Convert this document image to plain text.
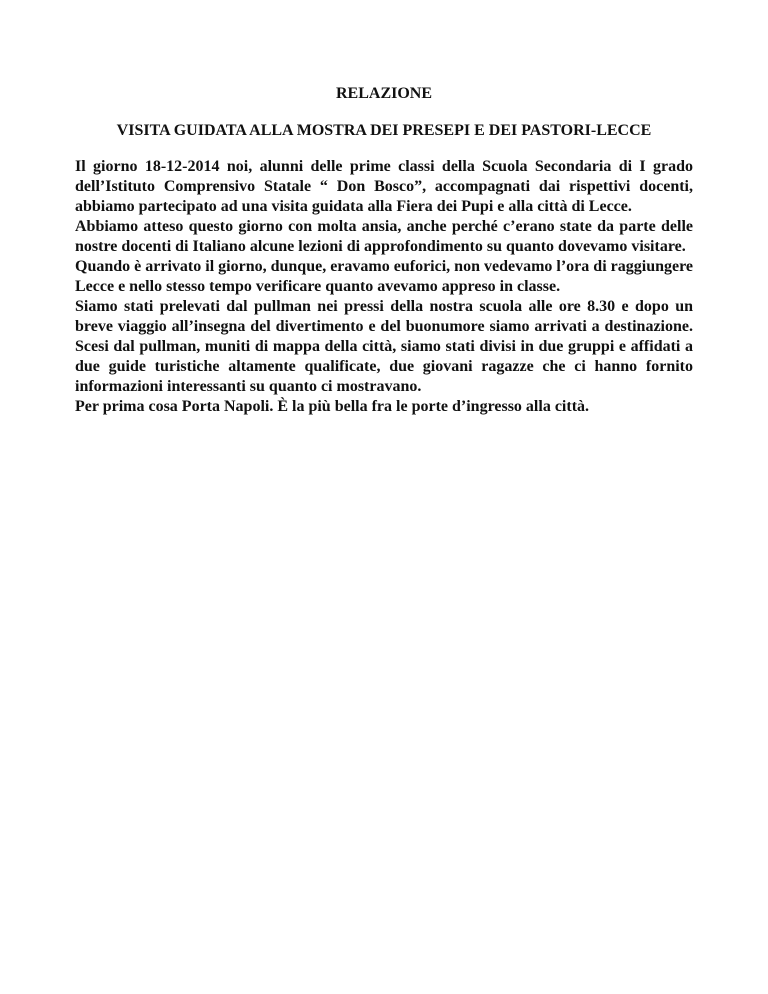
RELAZIONE
VISITA GUIDATA ALLA MOSTRA DEI PRESEPI E DEI PASTORI-LECCE

Il giorno 18-12-2014 noi, alunni delle prime classi della Scuola Secondaria di I grado dell’Istituto Comprensivo Statale “ Don Bosco”, accompagnati dai rispettivi docenti, abbiamo partecipato ad una visita guidata alla Fiera dei Pupi e alla città di Lecce.

Abbiamo atteso questo giorno con molta ansia, anche perché c’erano state da parte delle nostre docenti di Italiano alcune lezioni di approfondimento su quanto dovevamo visitare.

Quando è arrivato il giorno, dunque, eravamo euforici, non vedevamo l’ora di raggiungere Lecce e nello stesso tempo verificare quanto avevamo appreso in classe.

Siamo stati prelevati dal pullman nei pressi della nostra scuola alle ore 8.30 e dopo un breve viaggio all’insegna del divertimento e del buonumore siamo arrivati a destinazione. Scesi dal pullman, muniti di mappa della città, siamo stati divisi in due gruppi e affidati a due guide turistiche altamente qualificate, due giovani ragazze che ci hanno fornito informazioni interessanti su quanto ci mostravano.

Per prima cosa Porta Napoli. È la più bella fra le porte d’ingresso alla città.
